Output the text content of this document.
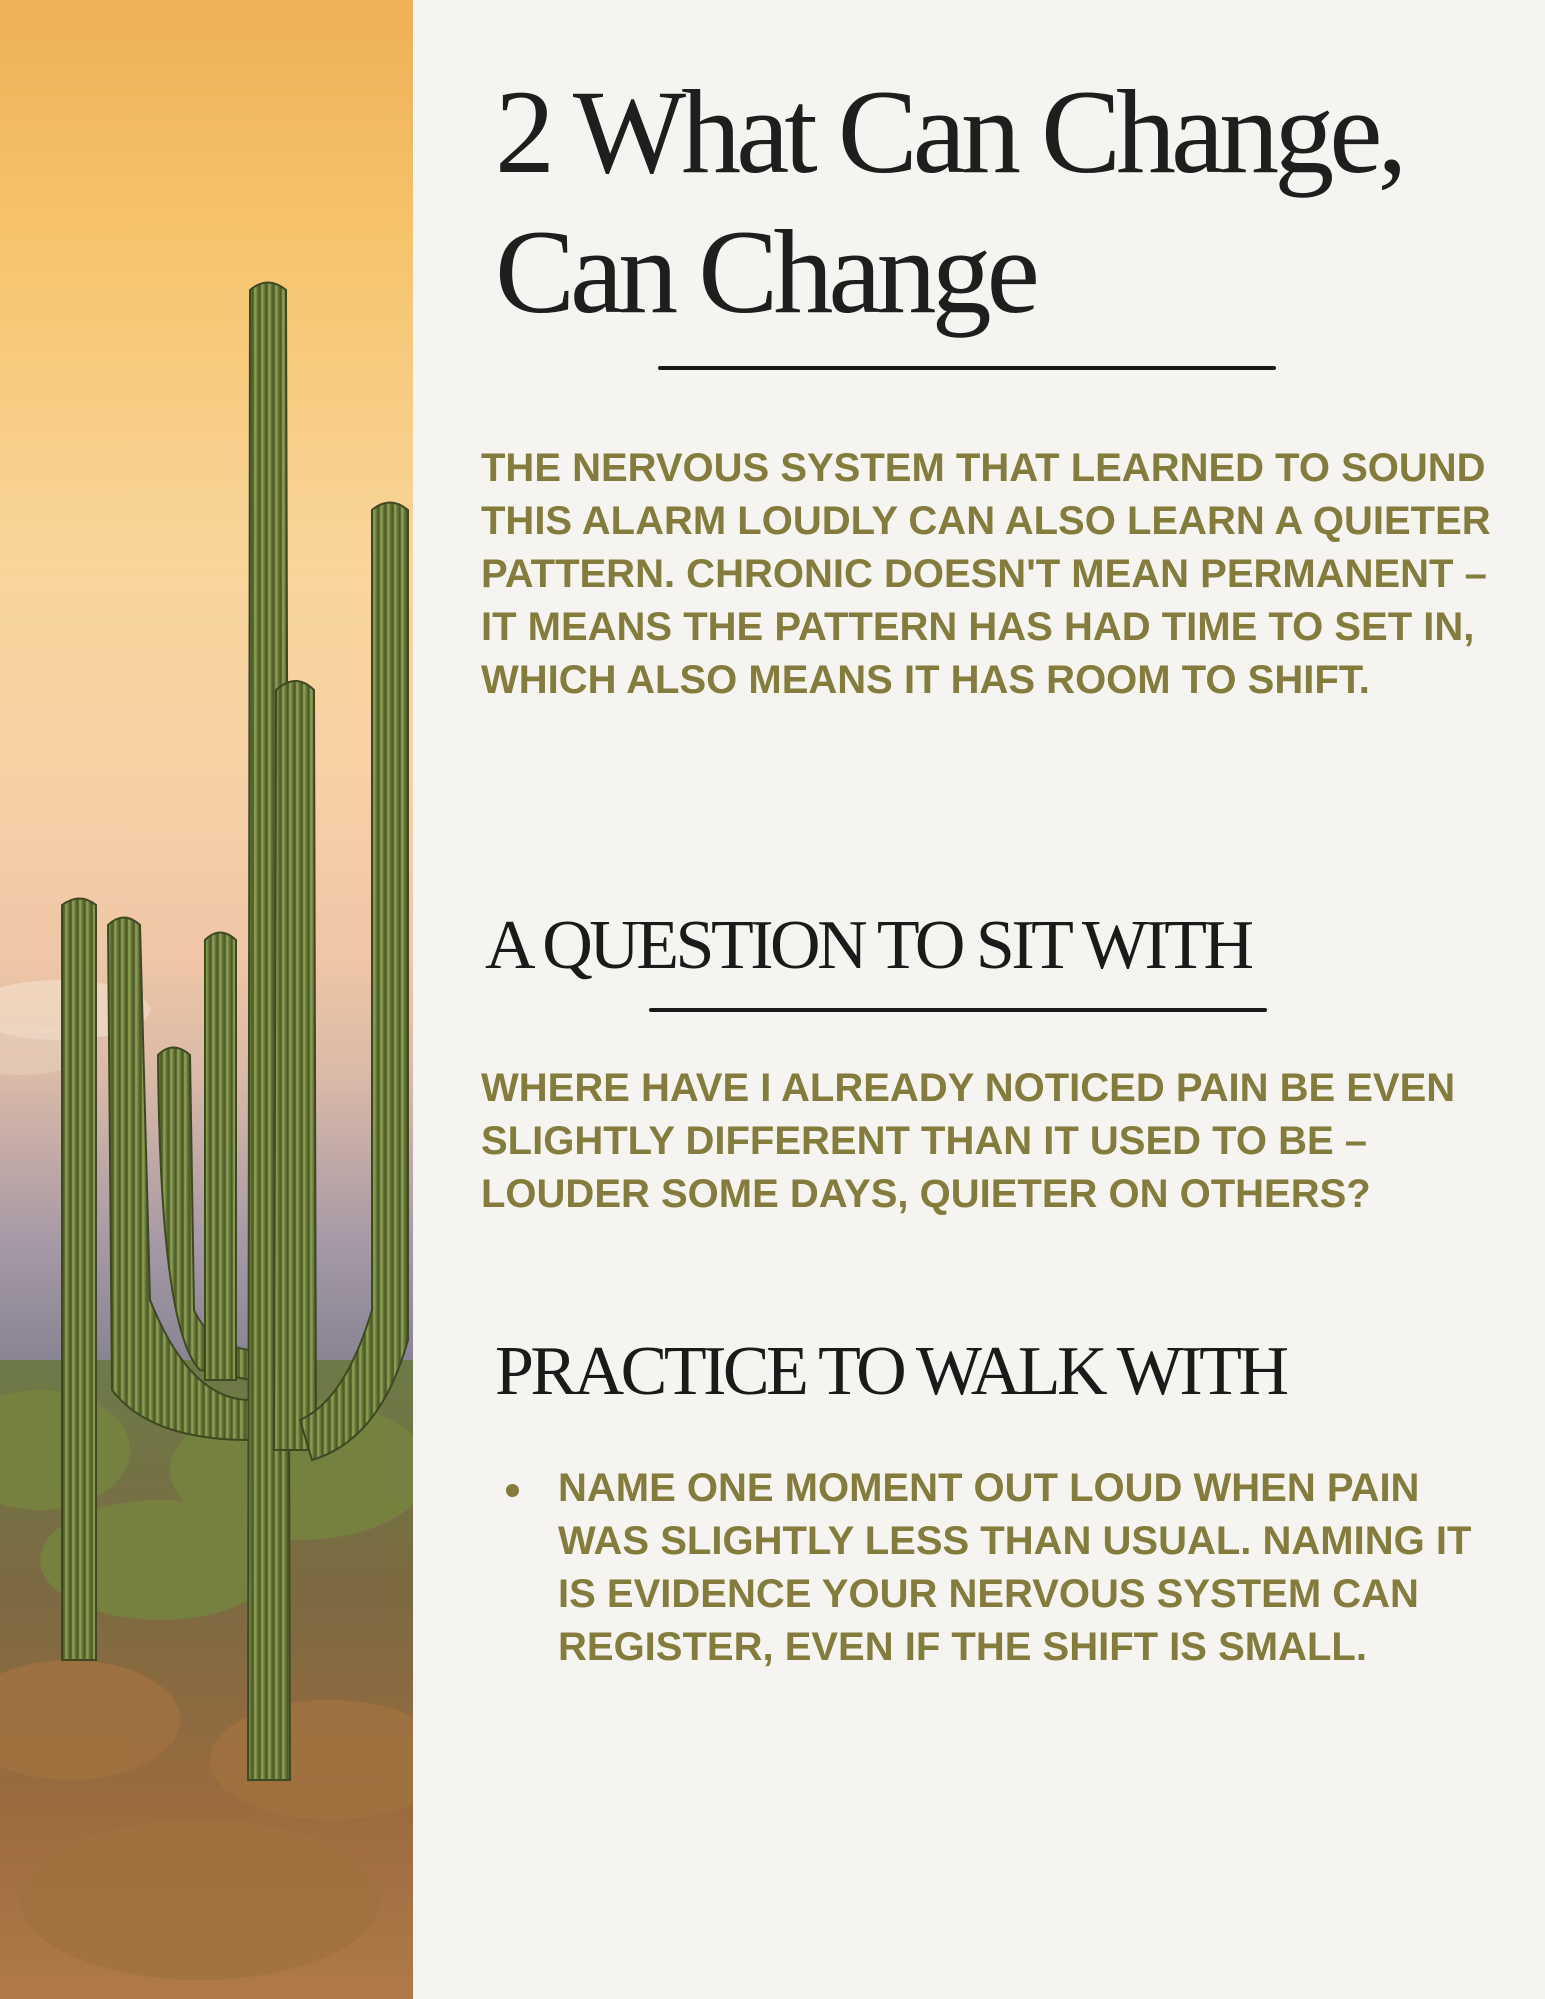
2 What Can Change, Can Change

THE NERVOUS SYSTEM THAT LEARNED TO SOUND THIS ALARM LOUDLY CAN ALSO LEARN A QUIETER PATTERN. CHRONIC DOESN'T MEAN PERMANENT – IT MEANS THE PATTERN HAS HAD TIME TO SET IN, WHICH ALSO MEANS IT HAS ROOM TO SHIFT.

A QUESTION TO SIT WITH

WHERE HAVE I ALREADY NOTICED PAIN BE EVEN SLIGHTLY DIFFERENT THAN IT USED TO BE – LOUDER SOME DAYS, QUIETER ON OTHERS?

PRACTICE TO WALK WITH
NAME ONE MOMENT OUT LOUD WHEN PAIN WAS SLIGHTLY LESS THAN USUAL. NAMING IT IS EVIDENCE YOUR NERVOUS SYSTEM CAN REGISTER, EVEN IF THE SHIFT IS SMALL.
